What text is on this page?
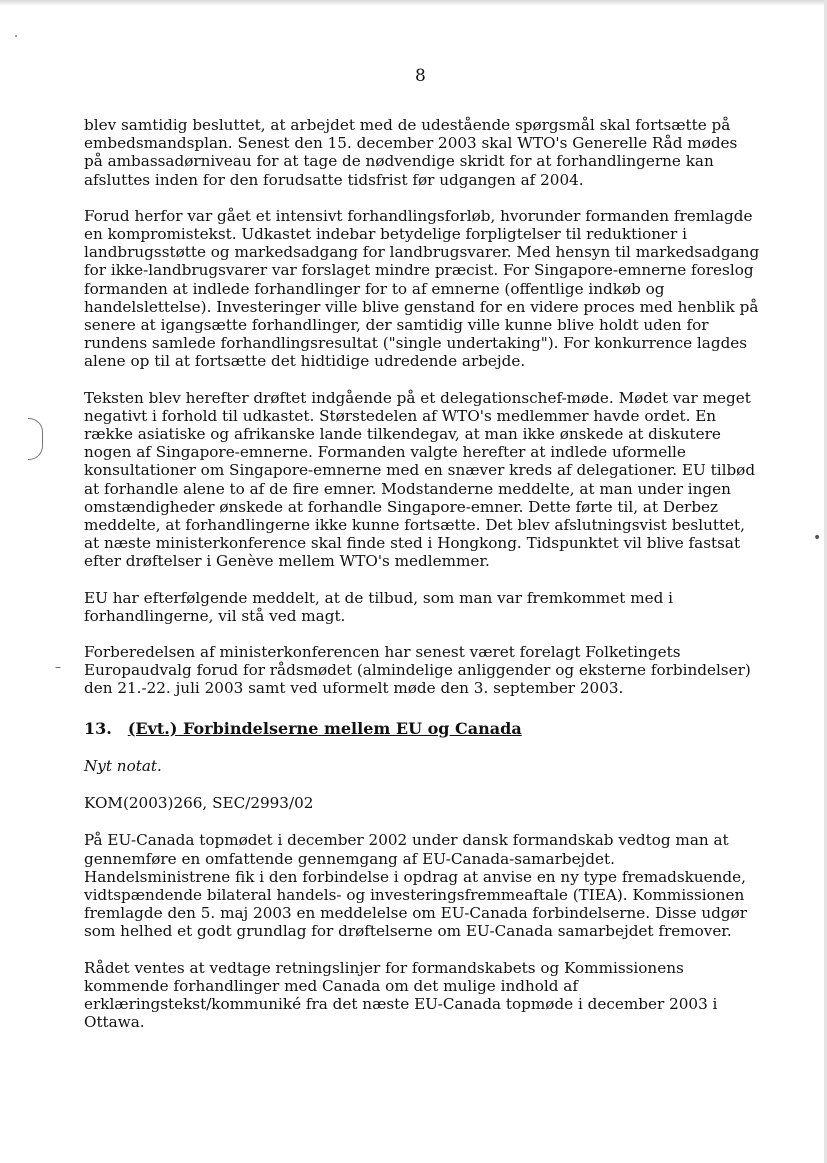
·
–
•
8

blev samtidig besluttet, at arbejdet med de udestående spørgsmål skal fortsætte på embedsmandsplan. Senest den 15. december 2003 skal WTO's Generelle Råd mødes på ambassadørniveau for at tage de nødvendige skridt for at forhandlingerne kan afsluttes inden for den forudsatte tidsfrist før udgangen af 2004.

Forud herfor var gået et intensivt forhandlingsforløb, hvorunder formanden fremlagde en kompromistekst. Udkastet indebar betydelige forpligtelser til reduktioner i landbrugsstøtte og markedsadgang for landbrugsvarer. Med hensyn til markedsadgang for ikke-landbrugsvarer var forslaget mindre præcist. For Singapore-emnerne foreslog formanden at indlede forhandlinger for to af emnerne (offentlige indkøb og handelslettelse). Investeringer ville blive genstand for en videre proces med henblik på senere at igangsætte forhandlinger, der samtidig ville kunne blive holdt uden for rundens samlede forhandlingsresultat ("single undertaking"). For konkurrence lagdes alene op til at fortsætte det hidtidige udredende arbejde.

Teksten blev herefter drøftet indgående på et delegationschef-møde. Mødet var meget negativt i forhold til udkastet. Størstedelen af WTO's medlemmer havde ordet. En række asiatiske og afrikanske lande tilkendegav, at man ikke ønskede at diskutere nogen af Singapore-emnerne. Formanden valgte herefter at indlede uformelle konsultationer om Singapore-emnerne med en snæver kreds af delegationer. EU tilbød at forhandle alene to af de fire emner. Modstanderne meddelte, at man under ingen omstændigheder ønskede at forhandle Singapore-emner. Dette førte til, at Derbez meddelte, at forhandlingerne ikke kunne fortsætte. Det blev afslutningsvist besluttet, at næste ministerkonference skal finde sted i Hongkong. Tidspunktet vil blive fastsat efter drøftelser i Genève mellem WTO's medlemmer.

EU har efterfølgende meddelt, at de tilbud, som man var fremkommet med i forhandlingerne, vil stå ved magt.

Forberedelsen af ministerkonferencen har senest været forelagt Folketingets Europaudvalg forud for rådsmødet (almindelige anliggender og eksterne forbindelser) den 21.-22. juli 2003 samt ved uformelt møde den 3. september 2003.

13. (Evt.) Forbindelserne mellem EU og Canada
Nyt notat.
KOM(2003)266, SEC/2993/02

På EU-Canada topmødet i december 2002 under dansk formandskab vedtog man at gennemføre en omfattende gennemgang af EU-Canada-samarbejdet. Handelsministrene fik i den forbindelse i opdrag at anvise en ny type fremadskuende, vidtspændende bilateral handels- og investeringsfremmeaftale (TIEA). Kommissionen fremlagde den 5. maj 2003 en meddelelse om EU-Canada forbindelserne. Disse udgør som helhed et godt grundlag for drøftelserne om EU-Canada samarbejdet fremover.

Rådet ventes at vedtage retningslinjer for formandskabets og Kommissionens kommende forhandlinger med Canada om det mulige indhold af erklæringstekst/kommuniké fra det næste EU-Canada topmøde i december 2003 i Ottawa.
